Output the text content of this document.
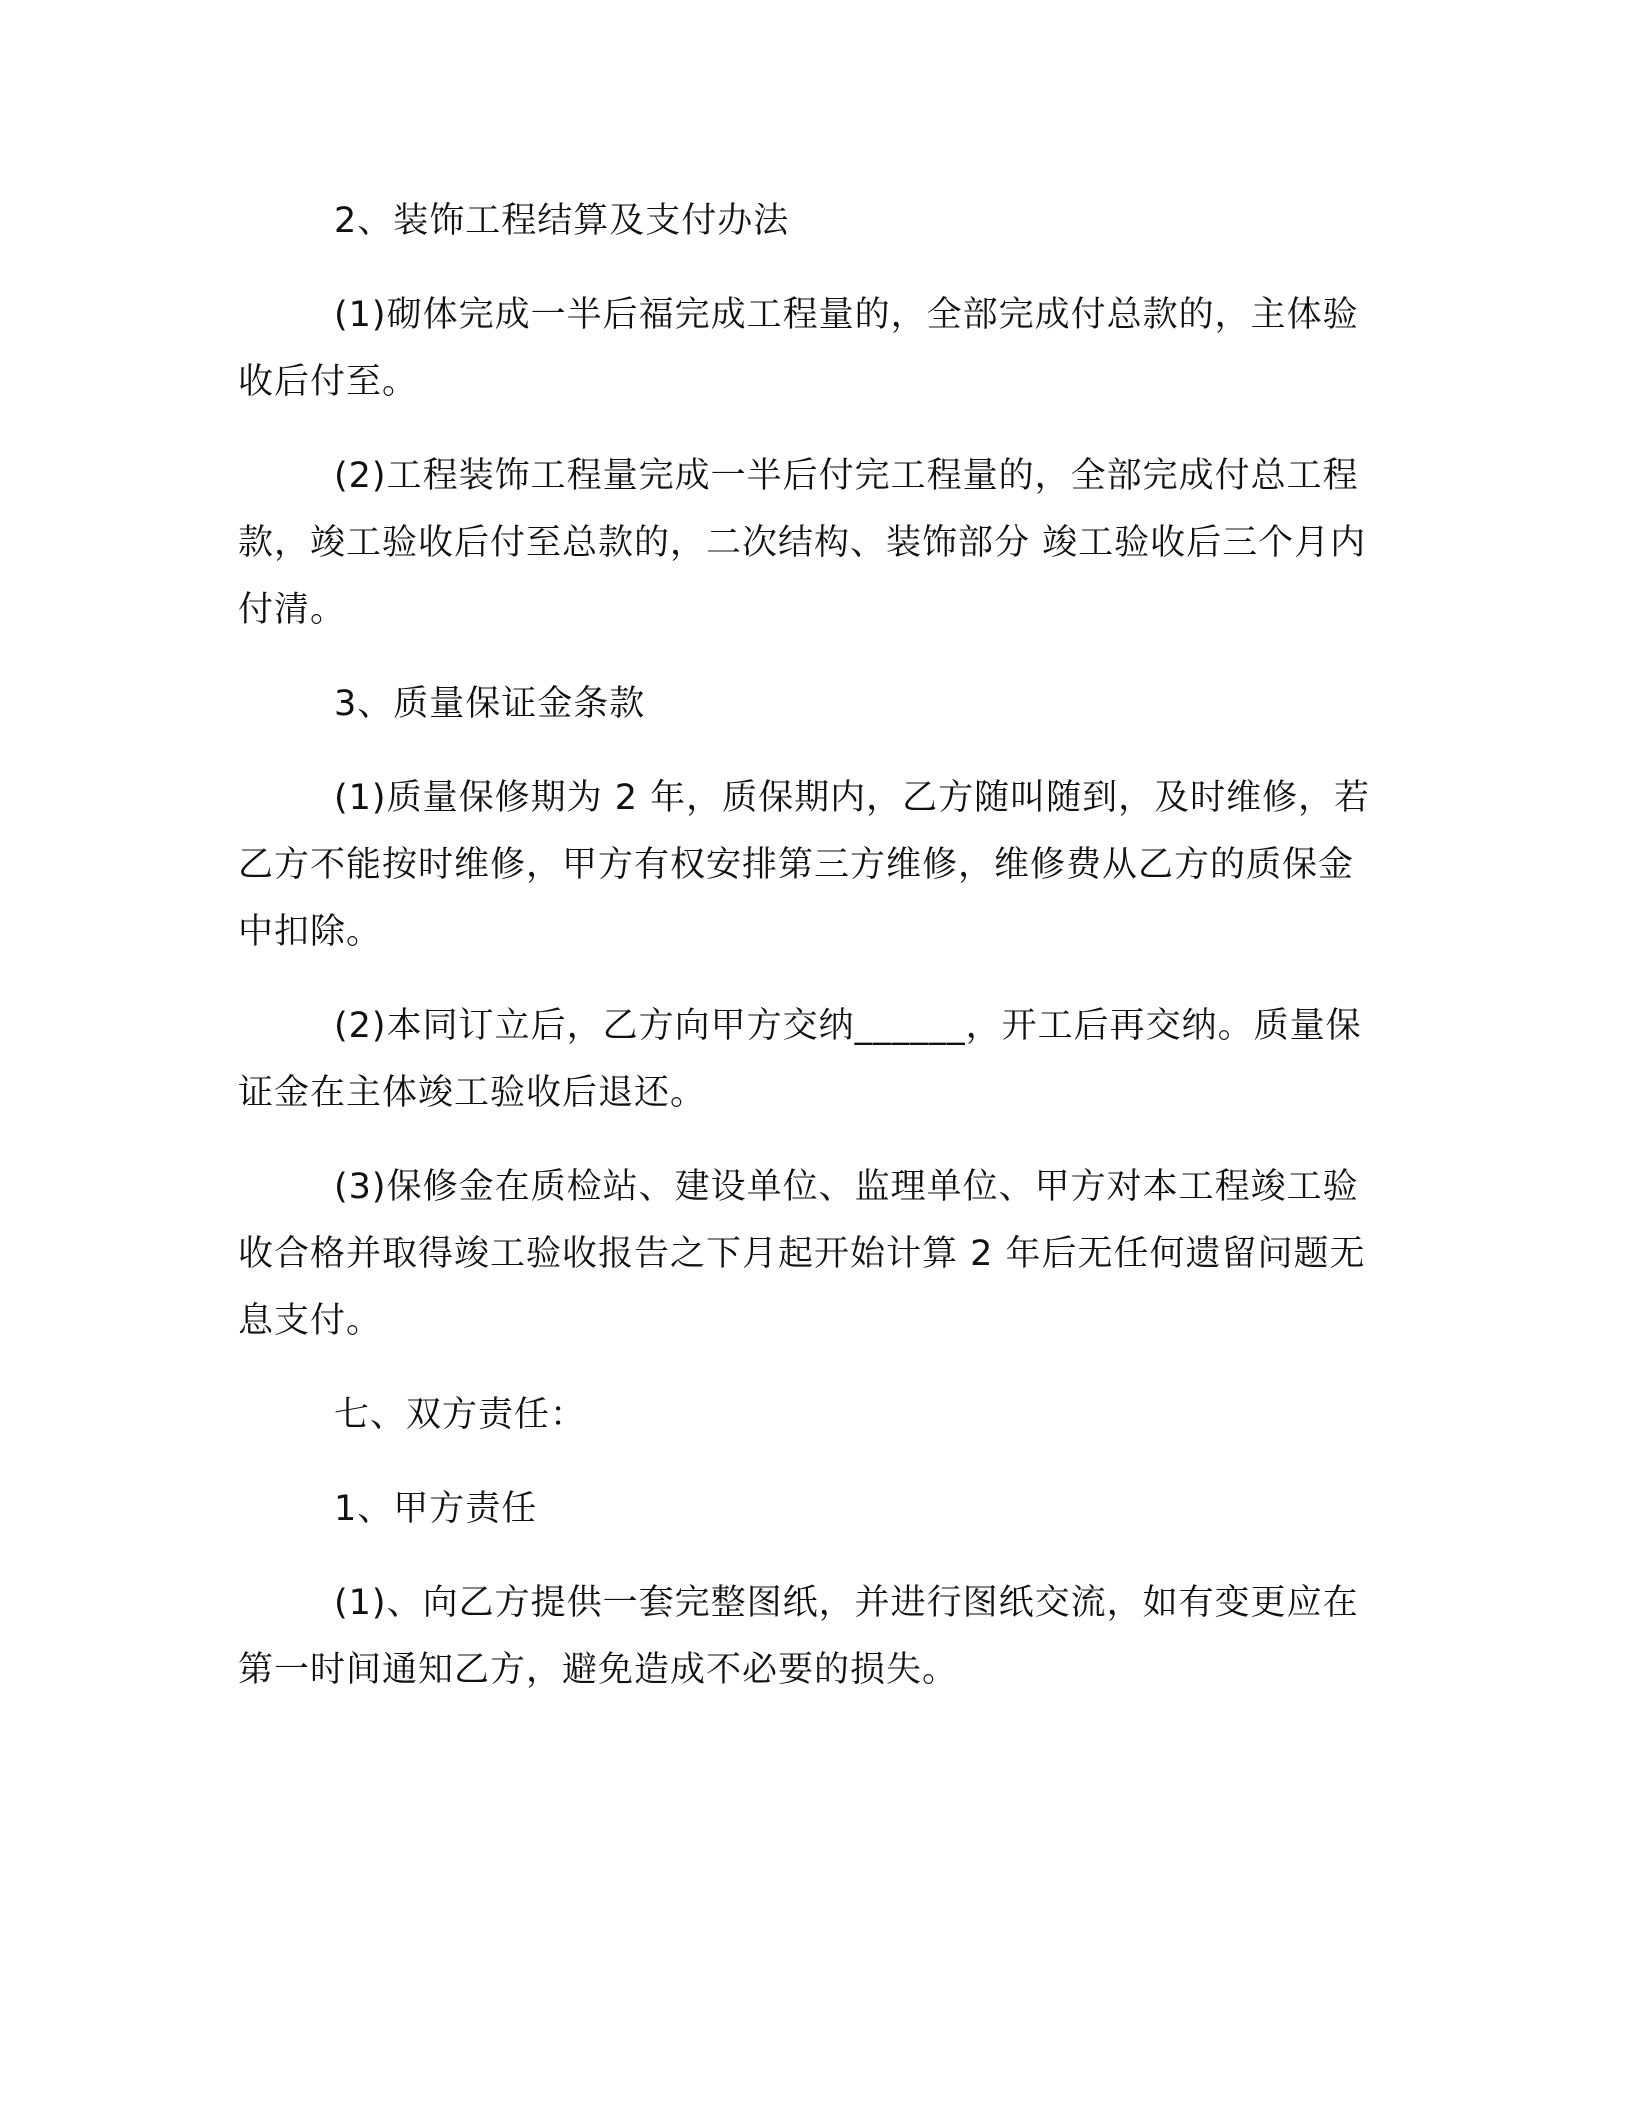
2、装饰工程结算及支付办法

(1)砌体完成一半后福完成工程量的，全部完成付总款的，主体验收后付至。

(2)工程装饰工程量完成一半后付完工程量的，全部完成付总工程款，竣工验收后付至总款的，二次结构、装饰部分 竣工验收后三个月内付清。

3、质量保证金条款

(1)质量保修期为 2 年，质保期内，乙方随叫随到，及时维修，若乙方不能按时维修，甲方有权安排第三方维修，维修费从乙方的质保金中扣除。

(2)本同订立后，乙方向甲方交纳______，开工后再交纳。质量保证金在主体竣工验收后退还。

(3)保修金在质检站、建设单位、监理单位、甲方对本工程竣工验收合格并取得竣工验收报告之下月起开始计算 2 年后无任何遗留问题无息支付。

七、双方责任：

1、甲方责任

(1)、向乙方提供一套完整图纸，并进行图纸交流，如有变更应在第一时间通知乙方，避免造成不必要的损失。
